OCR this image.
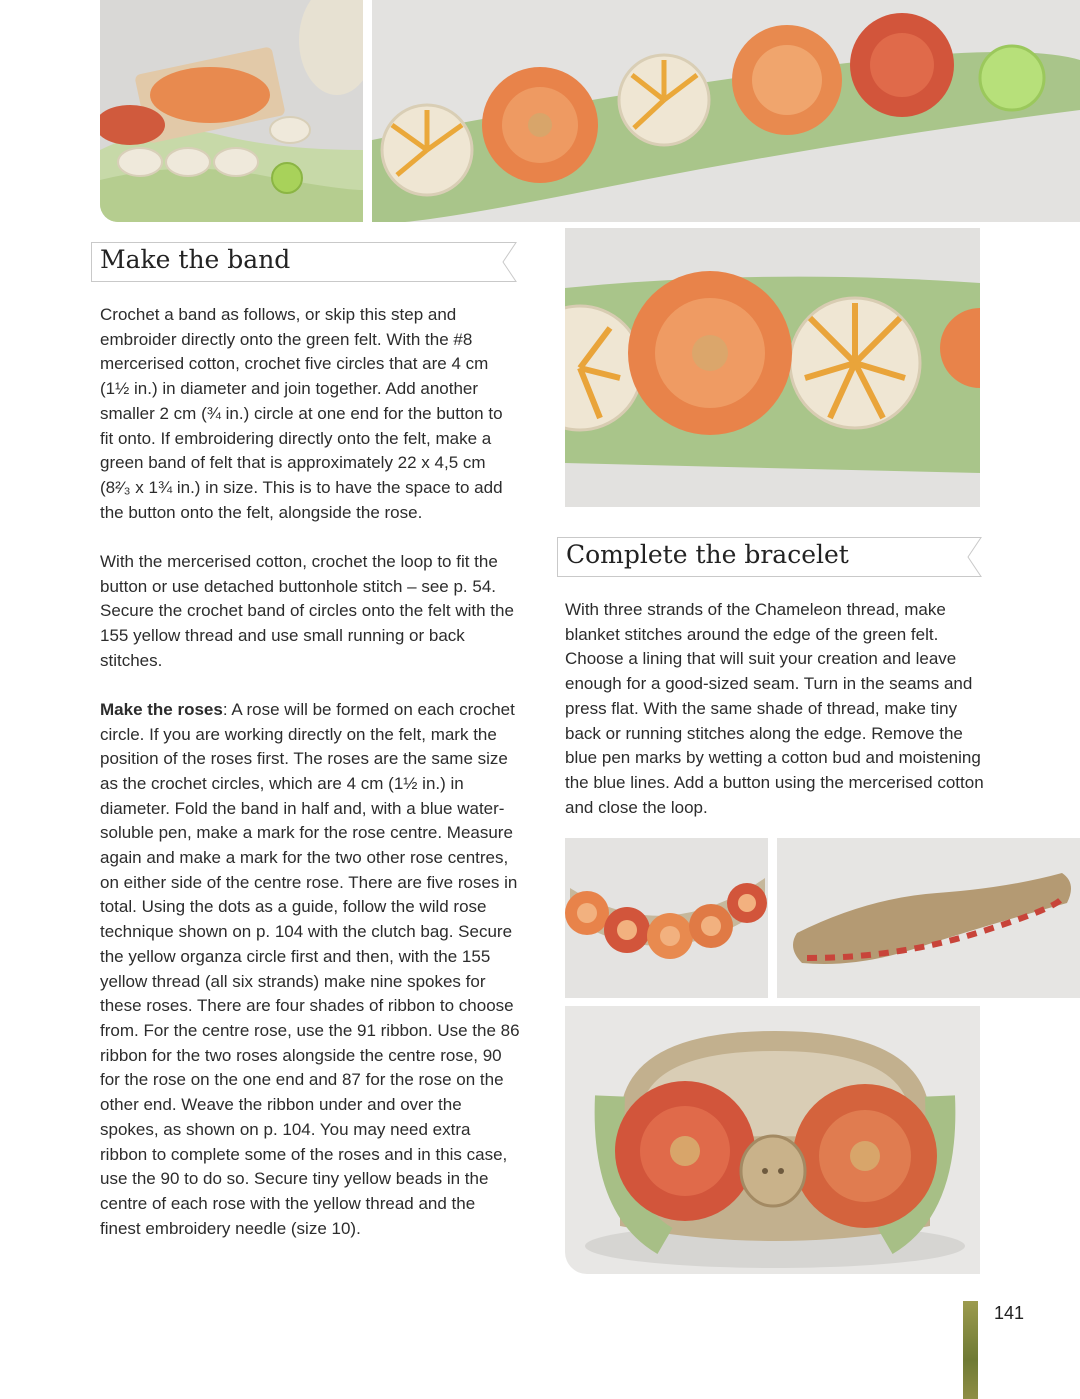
Make the band

Crochet a band as follows, or skip this step and embroider directly onto the green felt. With the #8 mercerised cotton, crochet five circles that are 4 cm (1½ in.) in diameter and join together. Add another smaller 2 cm (¾ in.) circle at one end for the button to fit onto. If embroidering directly onto the felt, make a green band of felt that is approximately 22 x 4,5 cm (8²⁄₃ x 1¾ in.) in size. This is to have the space to add the button onto the felt, alongside the rose.

With the mercerised cotton, crochet the loop to fit the button or use detached buttonhole stitch – see p. 54. Secure the crochet band of circles onto the felt with the 155 yellow thread and use small running or back stitches.

Make the roses: A rose will be formed on each crochet circle. If you are working directly on the felt, mark the position of the roses first. The roses are the same size as the crochet circles, which are 4 cm (1½ in.) in diameter. Fold the band in half and, with a blue water-soluble pen, make a mark for the rose centre. Measure again and make a mark for the two other rose centres, on either side of the centre rose. There are five roses in total. Using the dots as a guide, follow the wild rose technique shown on p. 104 with the clutch bag. Secure the yellow organza circle first and then, with the 155 yellow thread (all six strands) make nine spokes for these roses. There are four shades of ribbon to choose from. For the centre rose, use the 91 ribbon. Use the 86 ribbon for the two roses alongside the centre rose, 90 for the rose on the one end and 87 for the rose on the other end. Weave the ribbon under and over the spokes, as shown on p. 104. You may need extra ribbon to complete some of the roses and in this case, use the 90 to do so. Secure tiny yellow beads in the centre of each rose with the yellow thread and the finest embroidery needle (size 10).

Complete the bracelet

With three strands of the Chameleon thread, make blanket stitches around the edge of the green felt. Choose a lining that will suit your creation and leave enough for a good-sized seam. Turn in the seams and press flat. With the same shade of thread, make tiny back or running stitches along the edge. Remove the blue pen marks by wetting a cotton bud and moistening the blue lines. Add a button using the mercerised cotton and close the loop.

141
